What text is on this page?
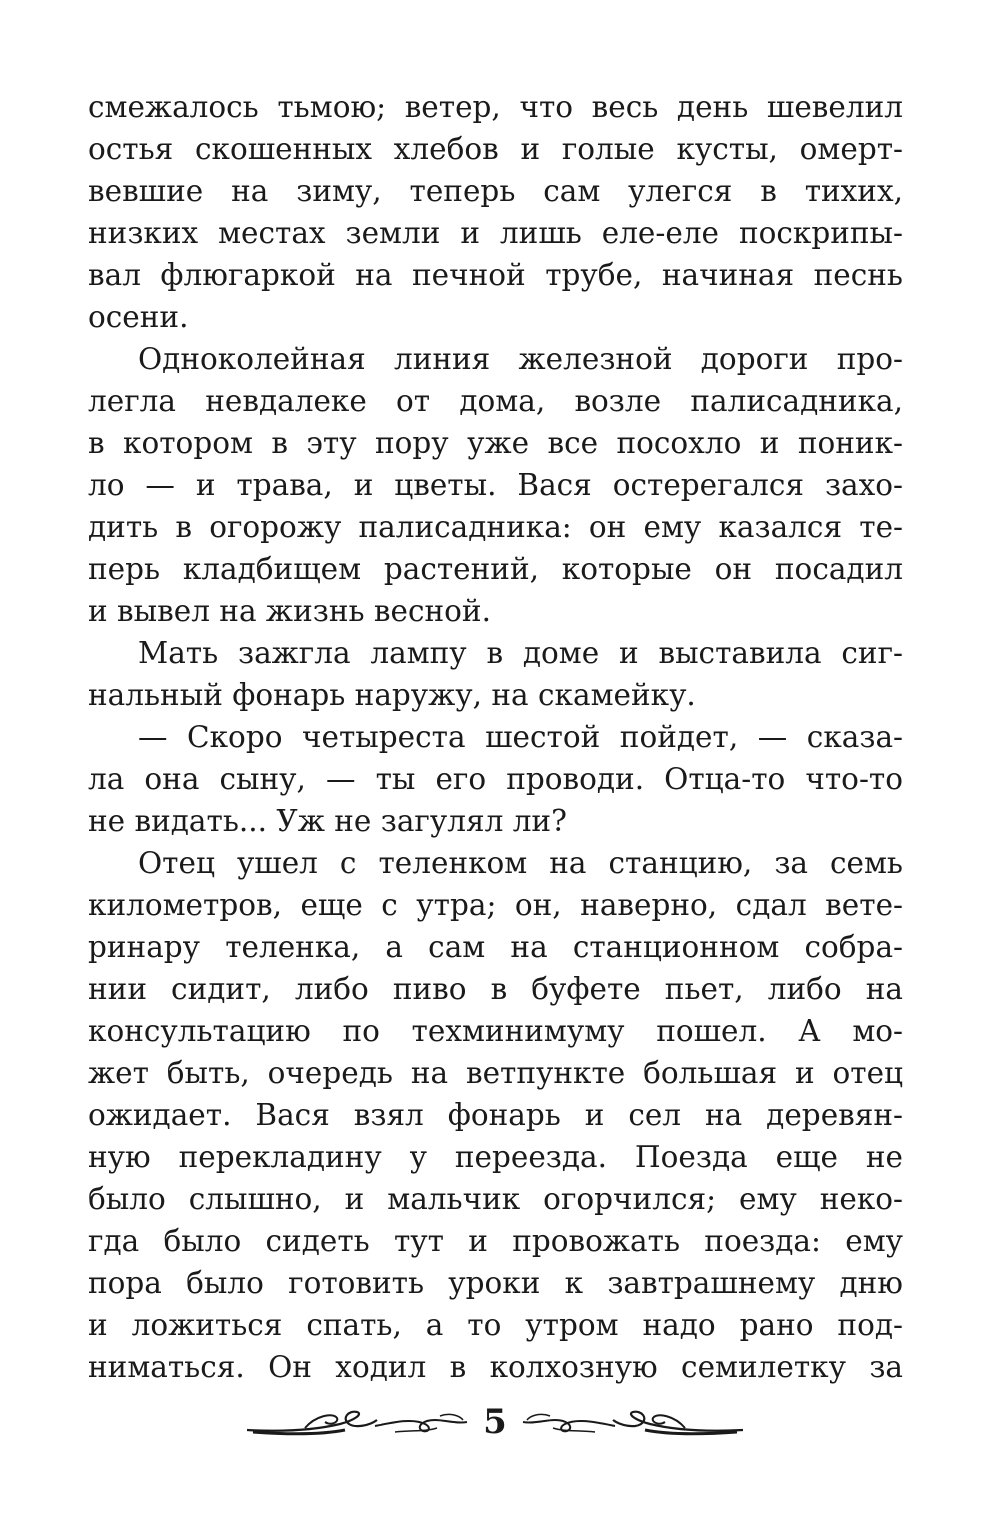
смежалось тьмою; ветер, что весь день шевелил
остья скошенных хлебов и голые кусты, омерт-
вевшие на зиму, теперь сам улегся в тихих,
низких местах земли и лишь еле-еле поскрипы-
вал флюгаркой на печной трубе, начиная песнь
осени.
Одноколейная линия железной дороги про-
легла невдалеке от дома, возле палисадника,
в котором в эту пору уже все посохло и поник-
ло — и трава, и цветы. Вася остерегался захо-
дить в огорожу палисадника: он ему казался те-
перь кладбищем растений, которые он посадил
и вывел на жизнь весной.
Мать зажгла лампу в доме и выставила сиг-
нальный фонарь наружу, на скамейку.
— Скоро четыреста шестой пойдет, — сказа-
ла она сыну, — ты его проводи. Отца-то что-то
не видать... Уж не загулял ли?
Отец ушел с теленком на станцию, за семь
километров, еще с утра; он, наверно, сдал вете-
ринару теленка, а сам на станционном собра-
нии сидит, либо пиво в буфете пьет, либо на
консультацию по техминимуму пошел. А мо-
жет быть, очередь на ветпункте большая и отец
ожидает. Вася взял фонарь и сел на деревян-
ную перекладину у переезда. Поезда еще не
было слышно, и мальчик огорчился; ему неко-
гда было сидеть тут и провожать поезда: ему
пора было готовить уроки к завтрашнему дню
и ложиться спать, а то утром надо рано под-
ниматься. Он ходил в колхозную семилетку за
5
